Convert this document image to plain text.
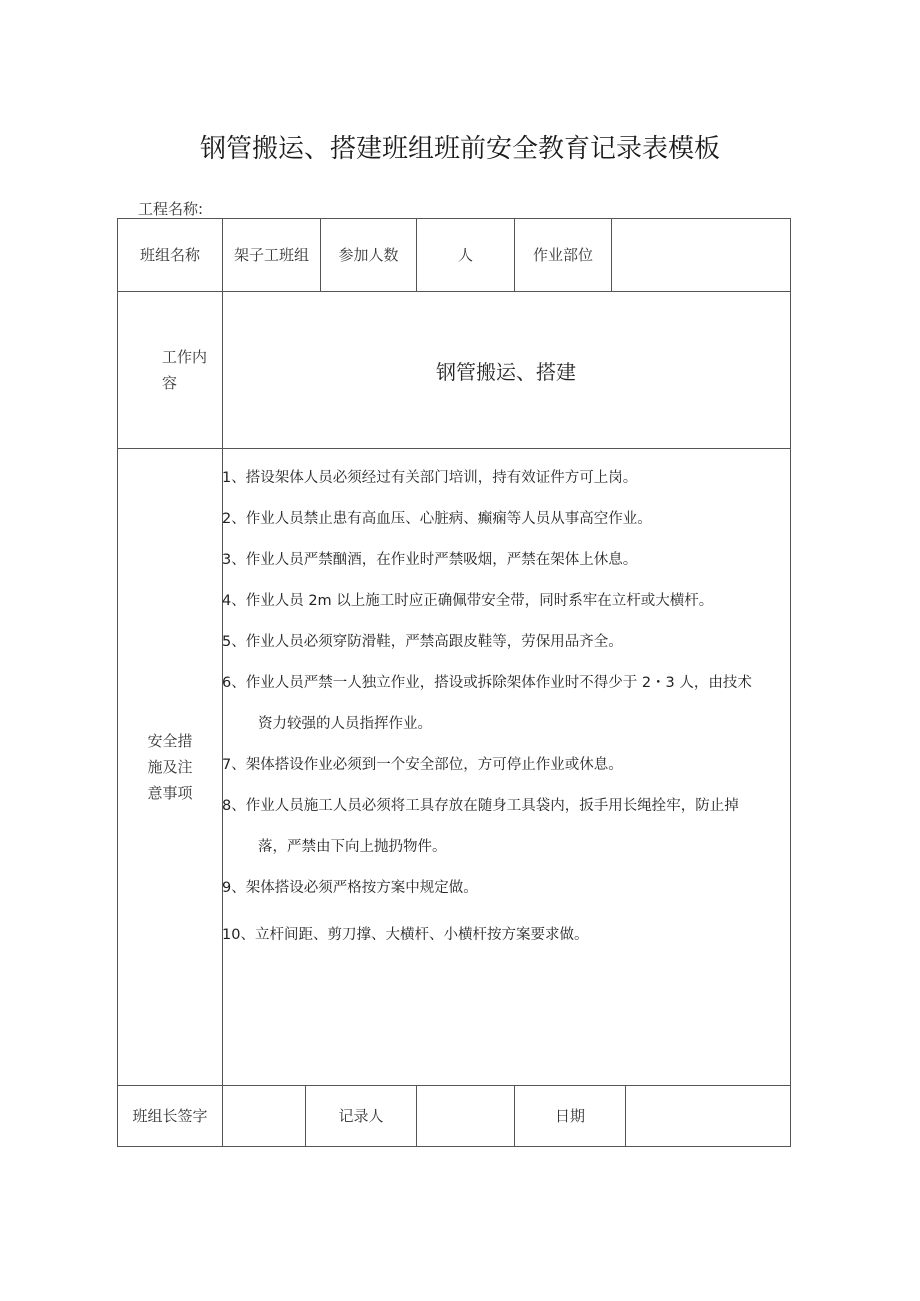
钢管搬运、搭建班组班前安全教育记录表模板
工程名称:
班组名称	架子工班组	参加人数	人	作业部位
工作内
容	钢管搬运、搭建
安全措
施及注
意事项
1、搭设架体人员必须经过有关部门培训，持有效证件方可上岗。
2、作业人员禁止患有高血压、心脏病、癫痫等人员从事高空作业。
3、作业人员严禁酗酒，在作业时严禁吸烟，严禁在架体上休息。
4、作业人员 2m 以上施工时应正确佩带安全带，同时系牢在立杆或大横杆。
5、作业人员必须穿防滑鞋，严禁高跟皮鞋等，劳保用品齐全。
6、作业人员严禁一人独立作业，搭设或拆除架体作业时不得少于 2・3 人，由技术
资力较强的人员指挥作业。
7、架体搭设作业必须到一个安全部位，方可停止作业或休息。
8、作业人员施工人员必须将工具存放在随身工具袋内，扳手用长绳拴牢，防止掉
落，严禁由下向上抛扔物件。
9、架体搭设必须严格按方案中规定做。
10、立杆间距、剪刀撑、大横杆、小横杆按方案要求做。
班组长签字	记录人	日期
